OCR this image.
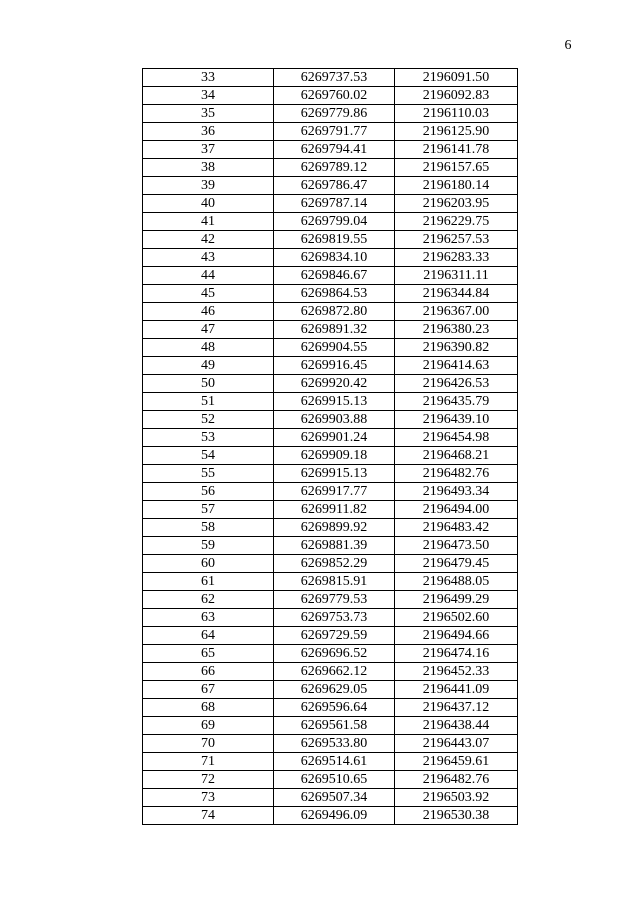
6
33	6269737.53	2196091.50
34	6269760.02	2196092.83
35	6269779.86	2196110.03
36	6269791.77	2196125.90
37	6269794.41	2196141.78
38	6269789.12	2196157.65
39	6269786.47	2196180.14
40	6269787.14	2196203.95
41	6269799.04	2196229.75
42	6269819.55	2196257.53
43	6269834.10	2196283.33
44	6269846.67	2196311.11
45	6269864.53	2196344.84
46	6269872.80	2196367.00
47	6269891.32	2196380.23
48	6269904.55	2196390.82
49	6269916.45	2196414.63
50	6269920.42	2196426.53
51	6269915.13	2196435.79
52	6269903.88	2196439.10
53	6269901.24	2196454.98
54	6269909.18	2196468.21
55	6269915.13	2196482.76
56	6269917.77	2196493.34
57	6269911.82	2196494.00
58	6269899.92	2196483.42
59	6269881.39	2196473.50
60	6269852.29	2196479.45
61	6269815.91	2196488.05
62	6269779.53	2196499.29
63	6269753.73	2196502.60
64	6269729.59	2196494.66
65	6269696.52	2196474.16
66	6269662.12	2196452.33
67	6269629.05	2196441.09
68	6269596.64	2196437.12
69	6269561.58	2196438.44
70	6269533.80	2196443.07
71	6269514.61	2196459.61
72	6269510.65	2196482.76
73	6269507.34	2196503.92
74	6269496.09	2196530.38
